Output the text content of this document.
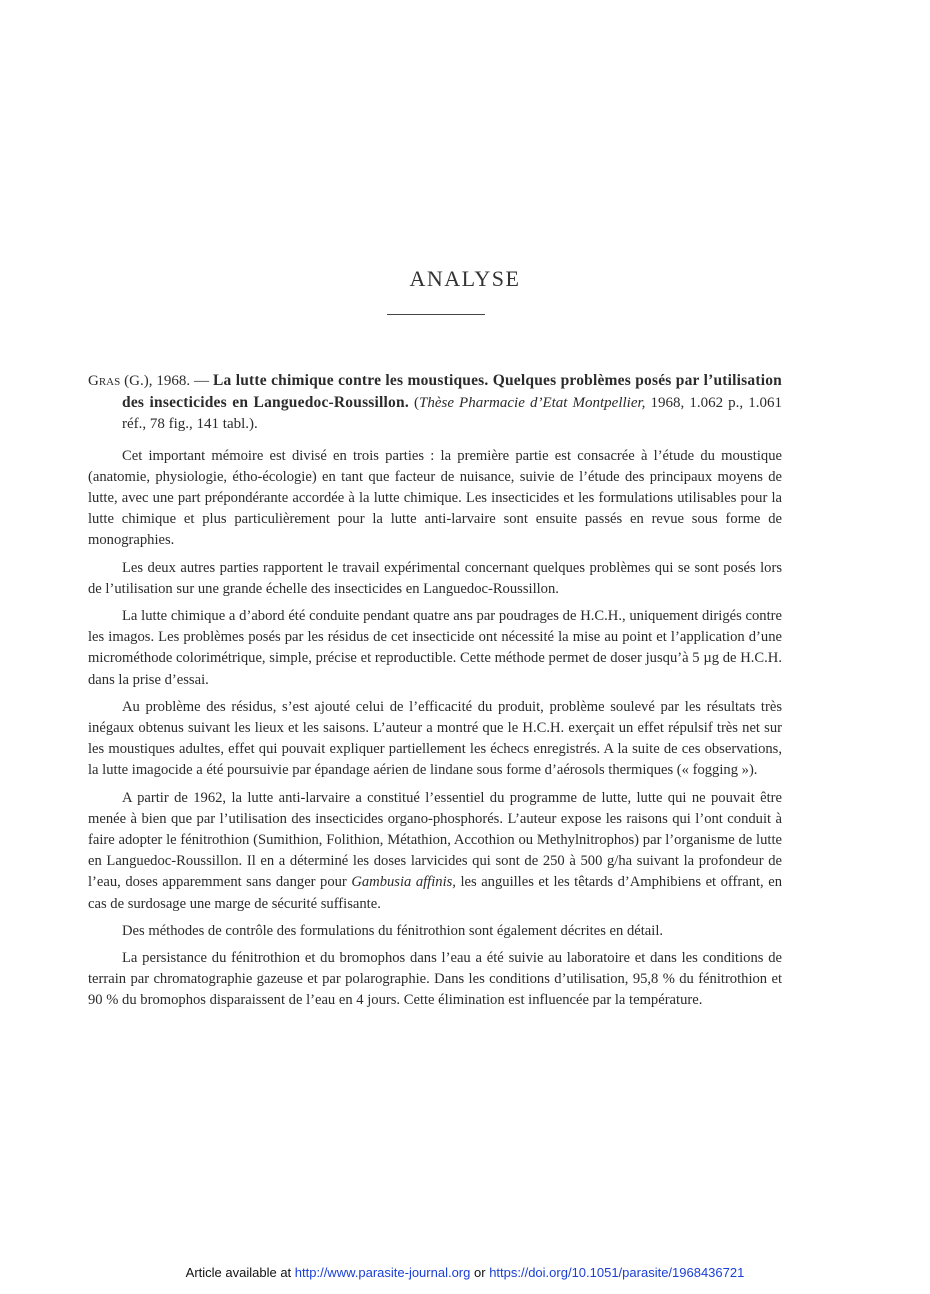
ANALYSE

Gras (G.), 1968. — La lutte chimique contre les moustiques. Quelques problèmes posés par l’utilisation des insecticides en Languedoc-Roussillon. (Thèse Pharmacie d’Etat Montpellier, 1968, 1.062 p., 1.061 réf., 78 fig., 141 tabl.).

Cet important mémoire est divisé en trois parties : la première partie est consacrée à l’étude du moustique (anatomie, physiologie, étho-écologie) en tant que facteur de nuisance, suivie de l’étude des principaux moyens de lutte, avec une part prépondérante accordée à la lutte chimique. Les insecticides et les formulations utilisables pour la lutte chimique et plus particulièrement pour la lutte anti-larvaire sont ensuite passés en revue sous forme de monographies.

Les deux autres parties rapportent le travail expérimental concernant quelques problèmes qui se sont posés lors de l’utilisation sur une grande échelle des insecticides en Languedoc-Roussillon.

La lutte chimique a d’abord été conduite pendant quatre ans par poudrages de H.C.H., uniquement dirigés contre les imagos. Les problèmes posés par les résidus de cet insecticide ont nécessité la mise au point et l’application d’une microméthode colorimétrique, simple, précise et reproductible. Cette méthode permet de doser jusqu’à 5 µg de H.C.H. dans la prise d’essai.

Au problème des résidus, s’est ajouté celui de l’efficacité du produit, problème soulevé par les résultats très inégaux obtenus suivant les lieux et les saisons. L’auteur a montré que le H.C.H. exerçait un effet répulsif très net sur les moustiques adultes, effet qui pouvait expliquer partiellement les échecs enregistrés. A la suite de ces observations, la lutte imagocide a été poursuivie par épandage aérien de lindane sous forme d’aérosols thermiques (« fogging »).

A partir de 1962, la lutte anti-larvaire a constitué l’essentiel du programme de lutte, lutte qui ne pouvait être menée à bien que par l’utilisation des insecticides organo-phosphorés. L’auteur expose les raisons qui l’ont conduit à faire adopter le fénitrothion (Sumithion, Folithion, Métathion, Accothion ou Methylnitrophos) par l’organisme de lutte en Languedoc-Roussillon. Il en a déterminé les doses larvicides qui sont de 250 à 500 g/ha suivant la profondeur de l’eau, doses apparemment sans danger pour Gambusia affinis, les anguilles et les têtards d’Amphibiens et offrant, en cas de surdosage une marge de sécurité suffisante.

Des méthodes de contrôle des formulations du fénitrothion sont également décrites en détail.

La persistance du fénitrothion et du bromophos dans l’eau a été suivie au laboratoire et dans les conditions de terrain par chromatographie gazeuse et par polarographie. Dans les conditions d’utilisation, 95,8 % du fénitrothion et 90 % du bromophos disparaissent de l’eau en 4 jours. Cette élimination est influencée par la température.

Article available at http://www.parasite-journal.org or https://doi.org/10.1051/parasite/1968436721
